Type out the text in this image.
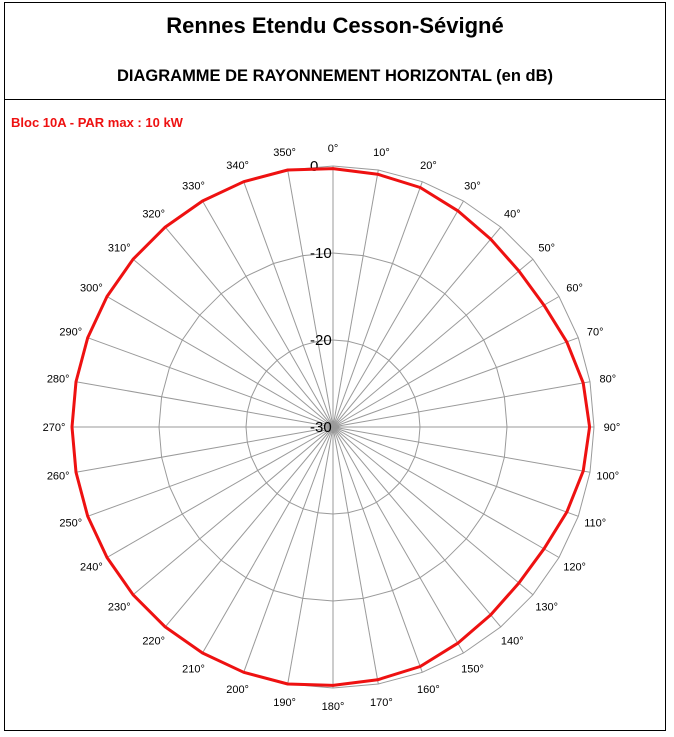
Rennes Etendu Cesson-Sévigné
DIAGRAMME DE RAYONNEMENT HORIZONTAL (en dB)
Bloc 10A - PAR max : 10 kW
0°	10°
20°
30°
40°
50°
60°
70°
80°
90°
100°
110°
120°
130°
140°
150°
160°
170°
180°
190°
200°
210°
220°
230°
240°
250°
260°
270°
280°
290°
300°
310°
320°
330°
340°
350°
0
-10
-20
-30
